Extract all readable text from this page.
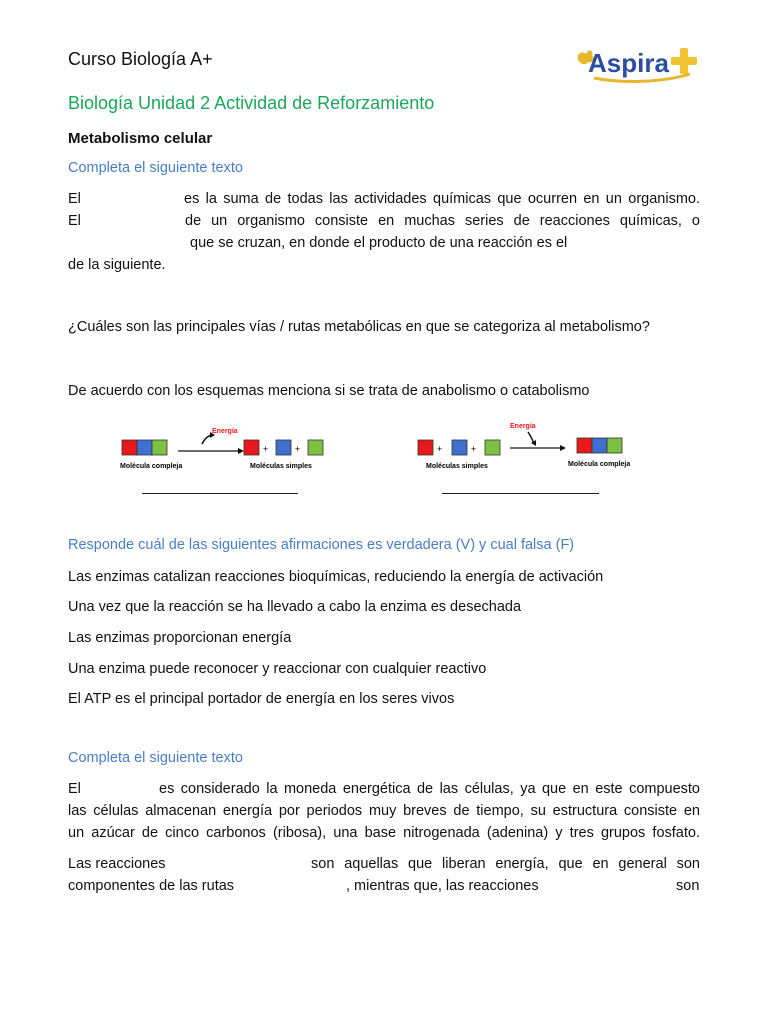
Curso Biología A+	Aspira
Biología Unidad 2 Actividad de Reforzamiento
Metabolismo celular
Completa el siguiente texto
El	es la suma de todas las actividades químicas que ocurren en un organismo.
El	de un organismo consiste en muchas series de reacciones químicas, o
que se cruzan, en donde el producto de una reacción es el
de la siguiente.
¿Cuáles son las principales vías / rutas metabólicas en que se categoriza al metabolismo?
De acuerdo con los esquemas menciona si se trata de anabolismo o catabolismo
Molécula compleja
Energía
+	+
Moléculas simples
+	+
Moléculas simples
Energía
Molécula compleja
Responde cuál de las siguientes afirmaciones es verdadera (V) y cual falsa (F)
Las enzimas catalizan reacciones bioquímicas, reduciendo la energía de activación
Una vez que la reacción se ha llevado a cabo la enzima es desechada
Las enzimas proporcionan energía
Una enzima puede reconocer y reaccionar con cualquier reactivo
El ATP es el principal portador de energía en los seres vivos
Completa el siguiente texto
El	es considerado la moneda energética de las células, ya que en este compuesto
las células almacenan energía por periodos muy breves de tiempo, su estructura consiste en
un azúcar de cinco carbonos (ribosa), una base nitrogenada (adenina) y tres grupos fosfato.
Las reacciones	son aquellas que liberan energía, que en general son
componentes de las rutas	, mientras que, las reacciones	son
